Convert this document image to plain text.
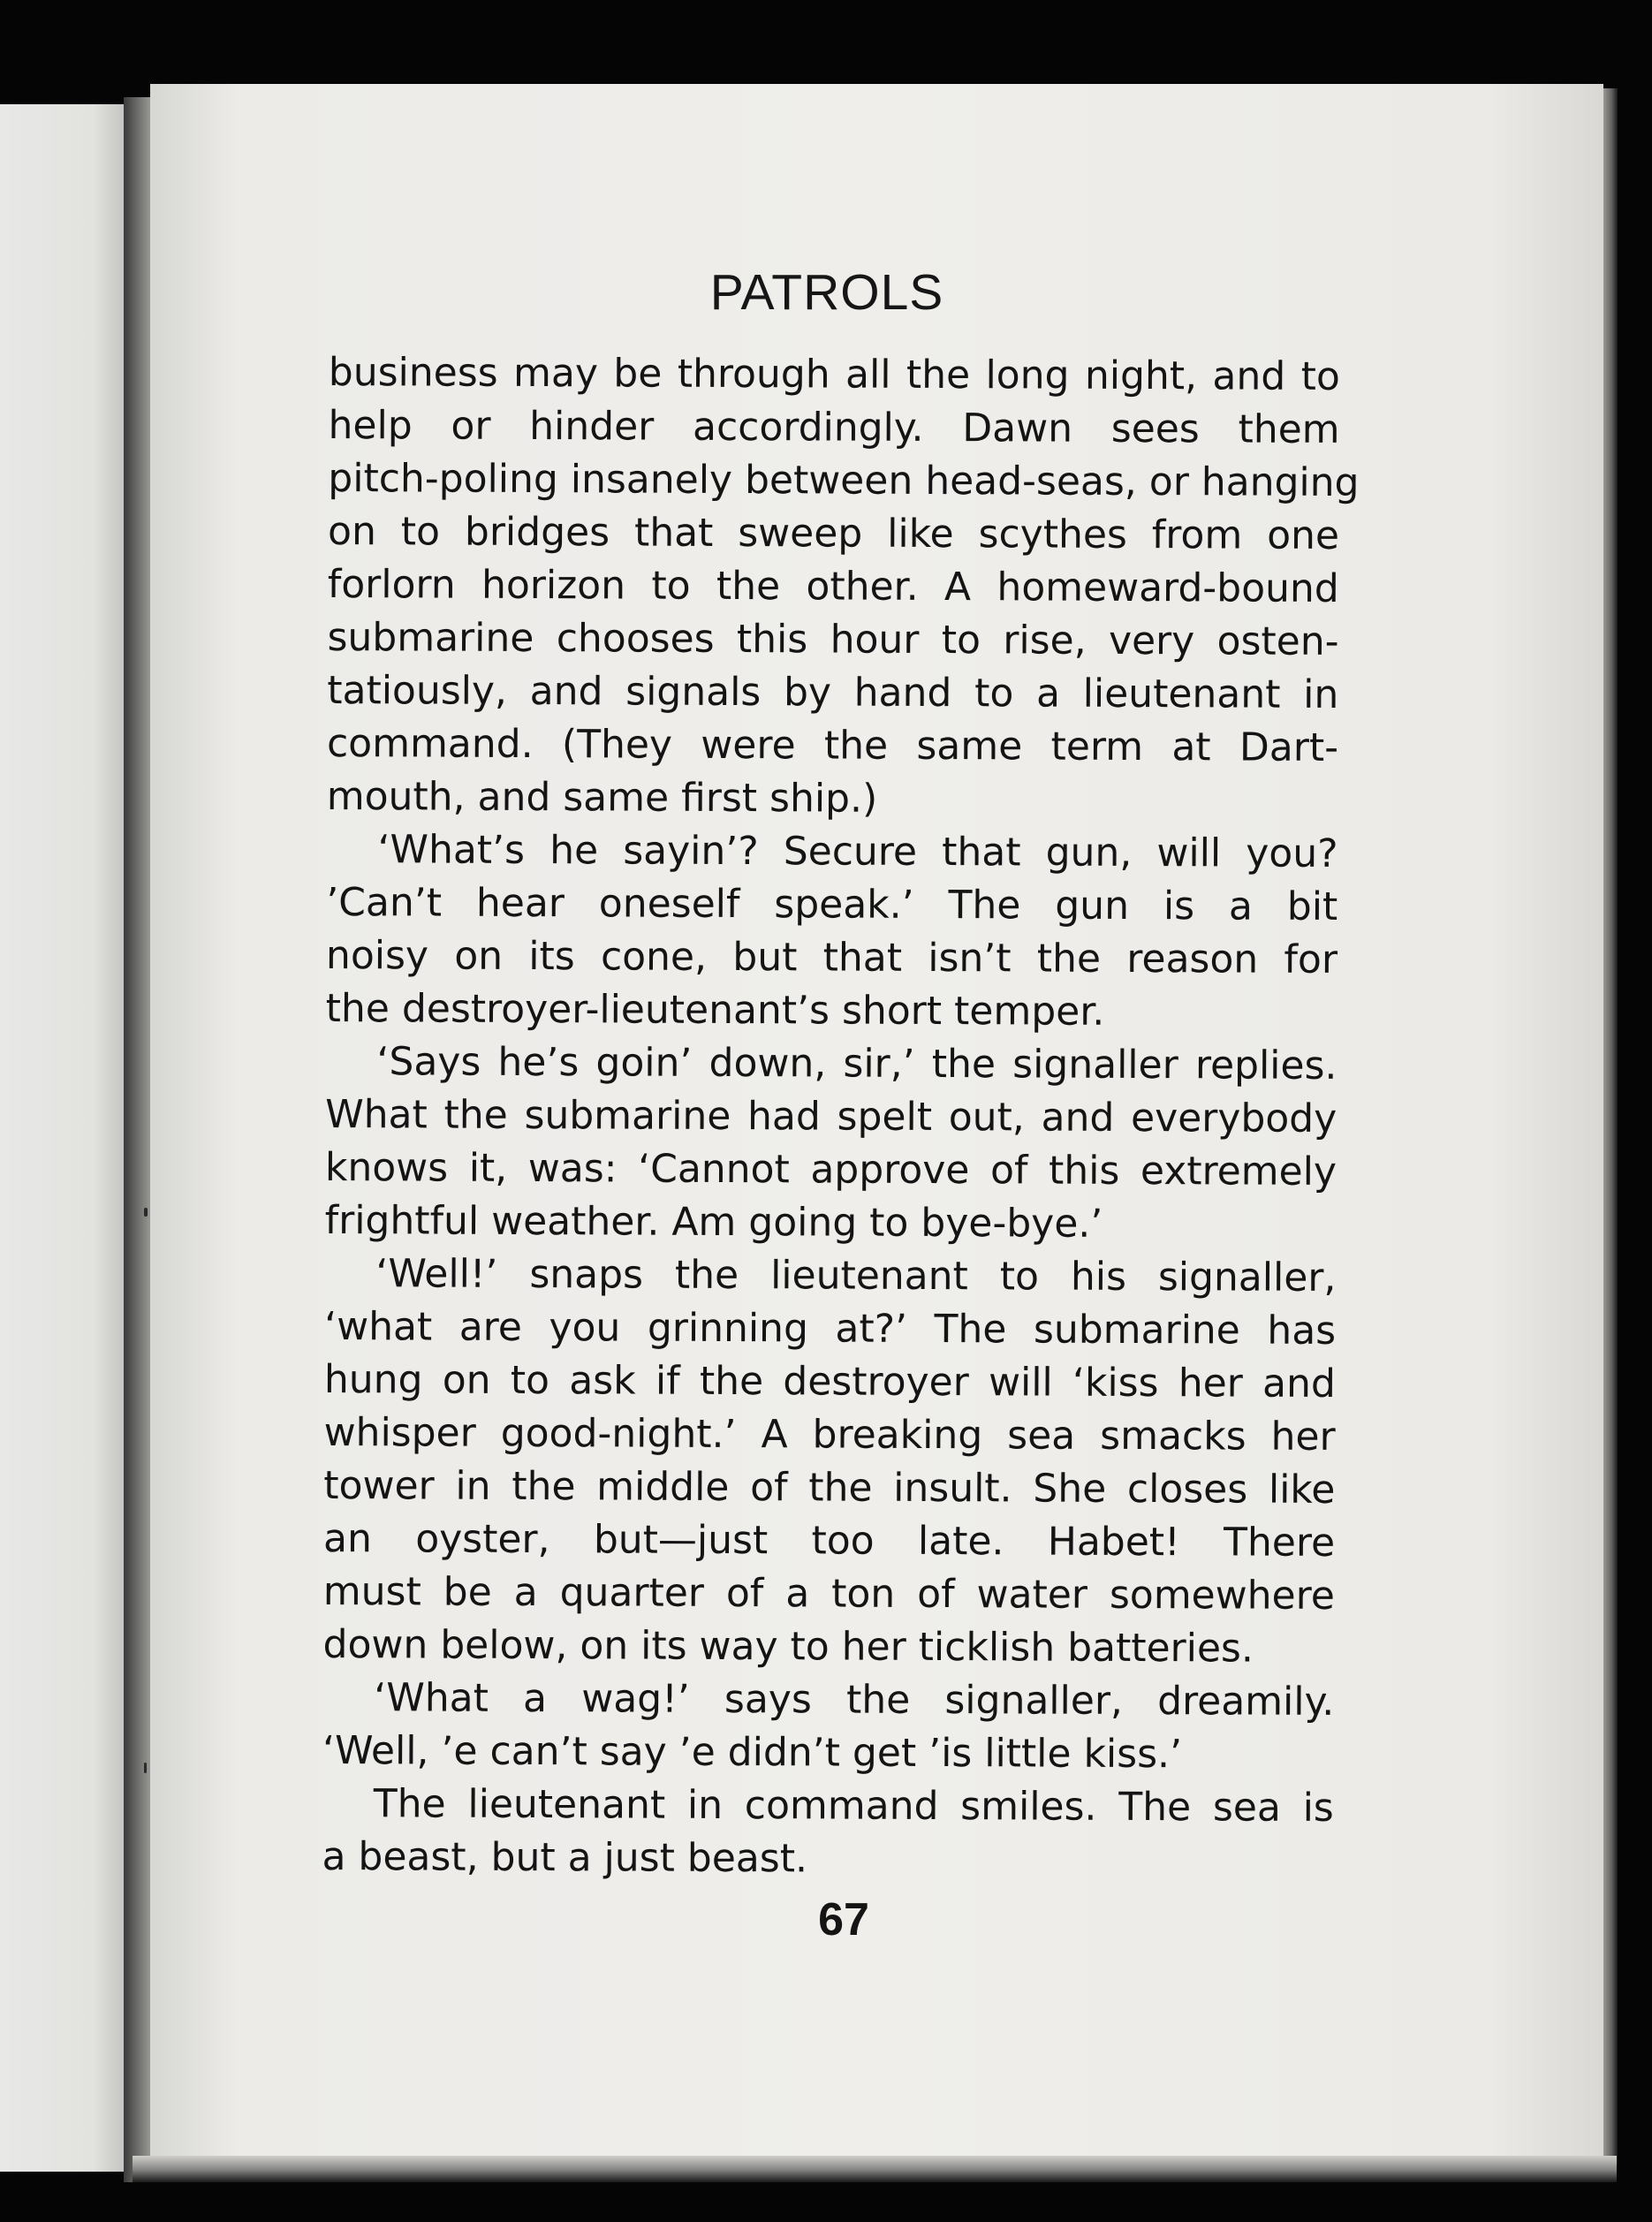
PATROLS
business may be through all the long night, and to
help or hinder accordingly. Dawn sees them
pitch-poling insanely between head-seas, or hanging
on to bridges that sweep like scythes from one
forlorn horizon to the other. A homeward-bound
submarine chooses this hour to rise, very osten-
tatiously, and signals by hand to a lieutenant in
command. (They were the same term at Dart-
mouth, and same first ship.)
‘What’s he sayin’? Secure that gun, will you?
’Can’t hear oneself speak.’ The gun is a bit
noisy on its cone, but that isn’t the reason for
the destroyer-lieutenant’s short temper.
‘Says he’s goin’ down, sir,’ the signaller replies.
What the submarine had spelt out, and everybody
knows it, was: ‘Cannot approve of this extremely
frightful weather. Am going to bye-bye.’
‘Well!’ snaps the lieutenant to his signaller,
‘what are you grinning at?’ The submarine has
hung on to ask if the destroyer will ‘kiss her and
whisper good-night.’ A breaking sea smacks her
tower in the middle of the insult. She closes like
an oyster, but—just too late. Habet! There
must be a quarter of a ton of water somewhere
down below, on its way to her ticklish batteries.
‘What a wag!’ says the signaller, dreamily.
‘Well, ’e can’t say ’e didn’t get ’is little kiss.’
The lieutenant in command smiles. The sea is
a beast, but a just beast.
67
